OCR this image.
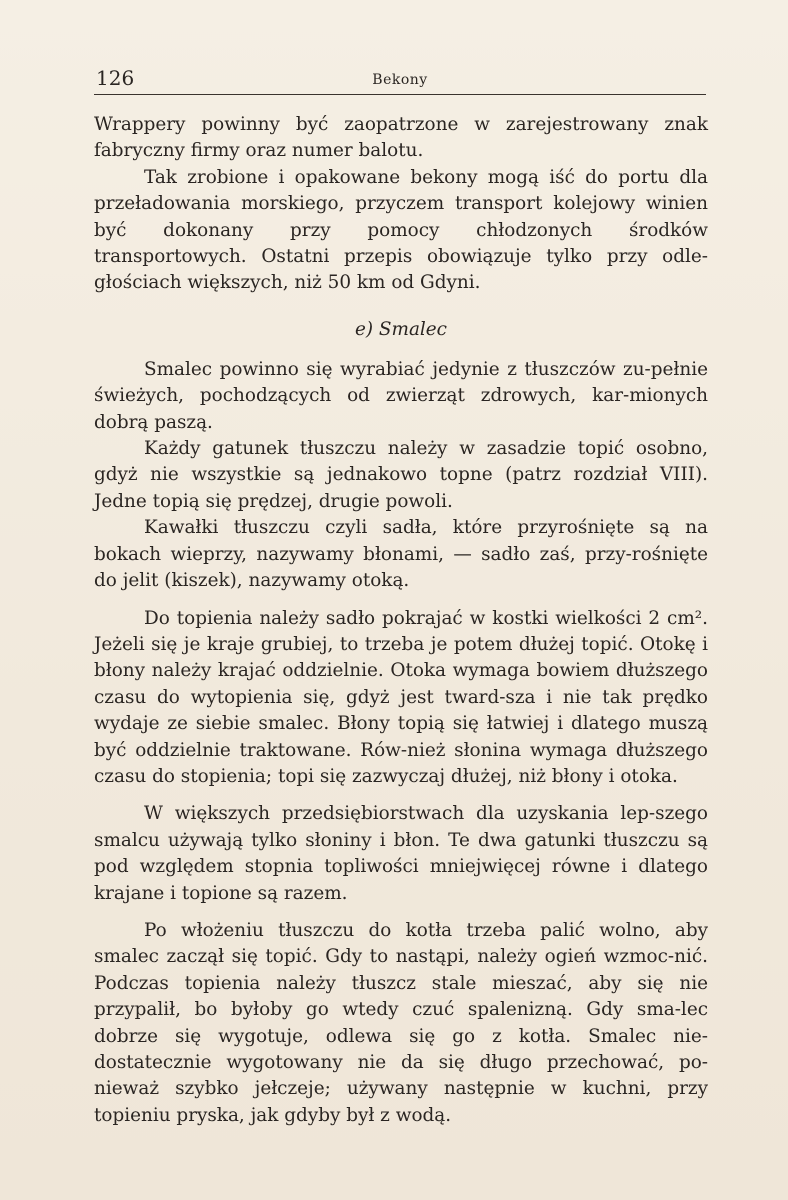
126	Bekony

Wrappery powinny być zaopatrzone w zarejestrowany znak fabryczny firmy oraz numer balotu.

Tak zrobione i opakowane bekony mogą iść do portu dla przeładowania morskiego, przyczem transport kolejowy winien być dokonany przy pomocy chłodzonych środków transportowych. Ostatni przepis obowiązuje tylko przy odle-głościach większych, niż 50 km od Gdyni.

e) Smalec

Smalec powinno się wyrabiać jedynie z tłuszczów zu-pełnie świeżych, pochodzących od zwierząt zdrowych, kar-mionych dobrą paszą.

Każdy gatunek tłuszczu należy w zasadzie topić osobno, gdyż nie wszystkie są jednakowo topne (patrz rozdział VIII). Jedne topią się prędzej, drugie powoli.

Kawałki tłuszczu czyli sadła, które przyrośnięte są na bokach wieprzy, nazywamy błonami, — sadło zaś, przy-rośnięte do jelit (kiszek), nazywamy otoką.

Do topienia należy sadło pokrajać w kostki wielkości 2 cm². Jeżeli się je kraje grubiej, to trzeba je potem dłużej topić. Otokę i błony należy krajać oddzielnie. Otoka wymaga bowiem dłuższego czasu do wytopienia się, gdyż jest tward-sza i nie tak prędko wydaje ze siebie smalec. Błony topią się łatwiej i dlatego muszą być oddzielnie traktowane. Rów-nież słonina wymaga dłuższego czasu do stopienia; topi się zazwyczaj dłużej, niż błony i otoka.

W większych przedsiębiorstwach dla uzyskania lep-szego smalcu używają tylko słoniny i błon. Te dwa gatunki tłuszczu są pod względem stopnia topliwości mniejwięcej równe i dlatego krajane i topione są razem.

Po włożeniu tłuszczu do kotła trzeba palić wolno, aby smalec zaczął się topić. Gdy to nastąpi, należy ogień wzmoc-nić. Podczas topienia należy tłuszcz stale mieszać, aby się nie przypalił, bo byłoby go wtedy czuć spalenizną. Gdy sma-lec dobrze się wygotuje, odlewa się go z kotła. Smalec nie-dostatecznie wygotowany nie da się długo przechować, po-nieważ szybko jełczeje; używany następnie w kuchni, przy topieniu pryska, jak gdyby był z wodą.
